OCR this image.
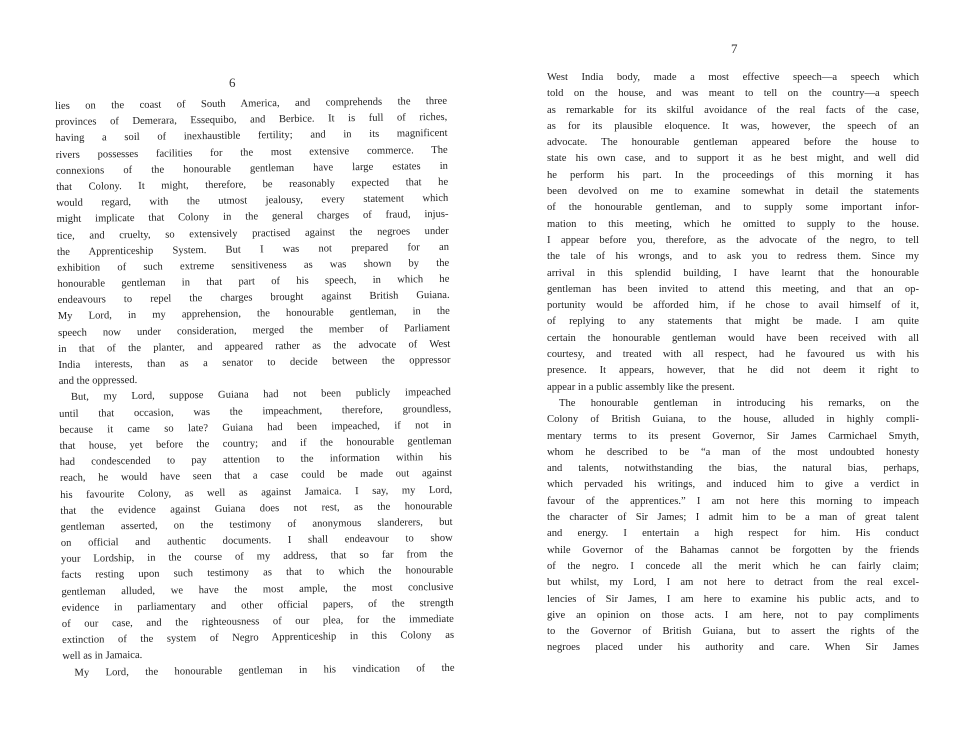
6
lies on the coast of South America, and comprehends the three
provinces of Demerara, Essequibo, and Berbice. It is full of riches,
having a soil of inexhaustible fertility; and in its magnificent
rivers possesses facilities for the most extensive commerce. The
connexions of the honourable gentleman have large estates in
that Colony. It might, therefore, be reasonably expected that he
would regard, with the utmost jealousy, every statement which
might implicate that Colony in the general charges of fraud, injus-
tice, and cruelty, so extensively practised against the negroes under
the Apprenticeship System. But I was not prepared for an
exhibition of such extreme sensitiveness as was shown by the
honourable gentleman in that part of his speech, in which he
endeavours to repel the charges brought against British Guiana.
My Lord, in my apprehension, the honourable gentleman, in the
speech now under consideration, merged the member of Parliament
in that of the planter, and appeared rather as the advocate of West
India interests, than as a senator to decide between the oppressor
and the oppressed.
But, my Lord, suppose Guiana had not been publicly impeached
until that occasion, was the impeachment, therefore, groundless,
because it came so late? Guiana had been impeached, if not in
that house, yet before the country; and if the honourable gentleman
had condescended to pay attention to the information within his
reach, he would have seen that a case could be made out against
his favourite Colony, as well as against Jamaica. I say, my Lord,
that the evidence against Guiana does not rest, as the honourable
gentleman asserted, on the testimony of anonymous slanderers, but
on official and authentic documents. I shall endeavour to show
your Lordship, in the course of my address, that so far from the
facts resting upon such testimony as that to which the honourable
gentleman alluded, we have the most ample, the most conclusive
evidence in parliamentary and other official papers, of the strength
of our case, and the righteousness of our plea, for the immediate
extinction of the system of Negro Apprenticeship in this Colony as
well as in Jamaica.
My Lord, the honourable gentleman in his vindication of the
7
West India body, made a most effective speech—a speech which
told on the house, and was meant to tell on the country—a speech
as remarkable for its skilful avoidance of the real facts of the case,
as for its plausible eloquence. It was, however, the speech of an
advocate. The honourable gentleman appeared before the house to
state his own case, and to support it as he best might, and well did
he perform his part. In the proceedings of this morning it has
been devolved on me to examine somewhat in detail the statements
of the honourable gentleman, and to supply some important infor-
mation to this meeting, which he omitted to supply to the house.
I appear before you, therefore, as the advocate of the negro, to tell
the tale of his wrongs, and to ask you to redress them. Since my
arrival in this splendid building, I have learnt that the honourable
gentleman has been invited to attend this meeting, and that an op-
portunity would be afforded him, if he chose to avail himself of it,
of replying to any statements that might be made. I am quite
certain the honourable gentleman would have been received with all
courtesy, and treated with all respect, had he favoured us with his
presence. It appears, however, that he did not deem it right to
appear in a public assembly like the present.
The honourable gentleman in introducing his remarks, on the
Colony of British Guiana, to the house, alluded in highly compli-
mentary terms to its present Governor, Sir James Carmichael Smyth,
whom he described to be “a man of the most undoubted honesty
and talents, notwithstanding the bias, the natural bias, perhaps,
which pervaded his writings, and induced him to give a verdict in
favour of the apprentices.” I am not here this morning to impeach
the character of Sir James; I admit him to be a man of great talent
and energy. I entertain a high respect for him. His conduct
while Governor of the Bahamas cannot be forgotten by the friends
of the negro. I concede all the merit which he can fairly claim;
but whilst, my Lord, I am not here to detract from the real excel-
lencies of Sir James, I am here to examine his public acts, and to
give an opinion on those acts. I am here, not to pay compliments
to the Governor of British Guiana, but to assert the rights of the
negroes placed under his authority and care. When Sir James
